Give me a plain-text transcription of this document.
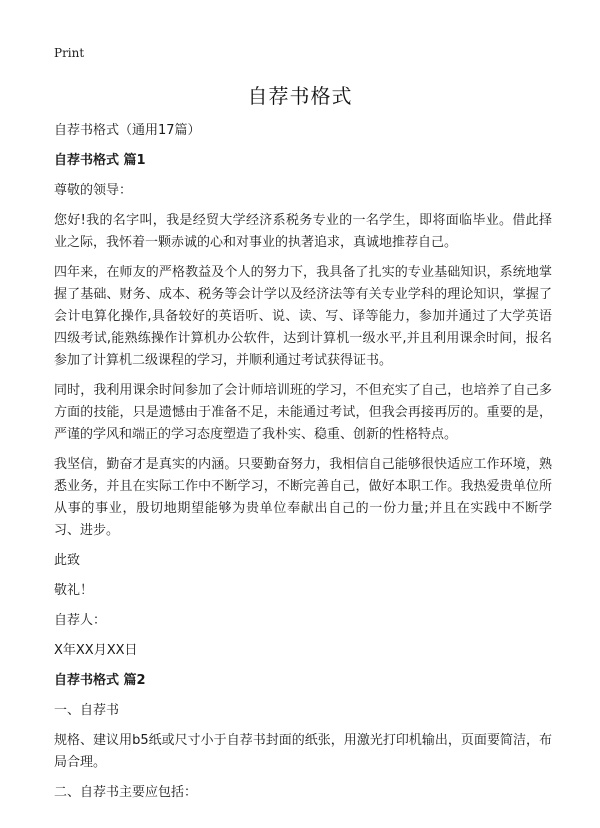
Print
自荐书格式

自荐书格式（通用17篇）

自荐书格式 篇1

尊敬的领导：

您好!我的名字叫，我是经贸大学经济系税务专业的一名学生，即将面临毕业。借此择业之际，我怀着一颗赤诚的心和对事业的执著追求，真诚地推荐自己。

四年来，在师友的严格教益及个人的努力下，我具备了扎实的专业基础知识，系统地掌握了基础、财务、成本、税务等会计学以及经济法等有关专业学科的理论知识，掌握了会计电算化操作,具备较好的英语听、说、读、写、译等能力，参加并通过了大学英语四级考试,能熟练操作计算机办公软件，达到计算机一级水平,并且利用课余时间，报名参加了计算机二级课程的学习，并顺利通过考试获得证书。

同时，我利用课余时间参加了会计师培训班的学习，不但充实了自己，也培养了自己多方面的技能，只是遗憾由于准备不足，未能通过考试，但我会再接再厉的。重要的是，严谨的学风和端正的学习态度塑造了我朴实、稳重、创新的性格特点。

我坚信，勤奋才是真实的内涵。只要勤奋努力，我相信自己能够很快适应工作环境，熟悉业务，并且在实际工作中不断学习，不断完善自己，做好本职工作。我热爱贵单位所从事的事业，殷切地期望能够为贵单位奉献出自己的一份力量;并且在实践中不断学习、进步。

此致

敬礼！

自荐人：

X年XX月XX日

自荐书格式 篇2

一、自荐书

规格、建议用b5纸或尺寸小于自荐书封面的纸张，用激光打印机输出，页面要简洁，布局合理。

二、自荐书主要应包括：
